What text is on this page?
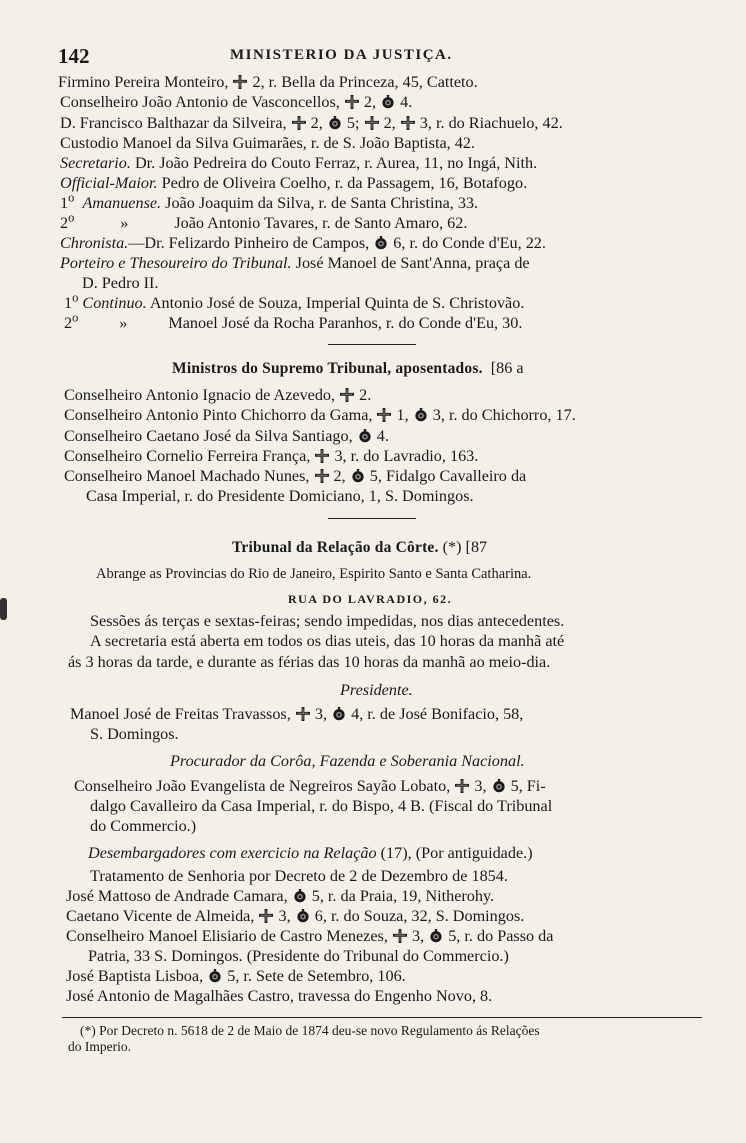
142	MINISTERIO DA JUSTIÇA.
Firmino Pereira Monteiro,
2, r. Bella da Princeza, 45, Catteto.
Conselheiro João Antonio de Vasconcellos,
2,
4.
D. Francisco Balthazar da Silveira,
2,
5;
2,
3, r. do Riachuelo, 42.
Custodio Manoel da Silva Guimarães, r. de S. João Baptista, 42.
Secretario. Dr. João Pedreira do Couto Ferraz, r. Aurea, 11, no Ingá, Nith.
Official-Maior. Pedro de Oliveira Coelho, r. da Passagem, 16, Botafogo.
1$^o$ Amanuense. João Joaquim da Silva, r. de Santa Christina, 33.
2$^o$	»	João Antonio Tavares, r. de Santo Amaro, 62.
Chronista.—Dr. Felizardo Pinheiro de Campos,
6, r. do Conde d'Eu, 22.
Porteiro e Thesoureiro do Tribunal. José Manoel de Sant'Anna, praça de
D. Pedro II.
1$^o$ Continuo. Antonio José de Souza, Imperial Quinta de S. Christovão.
2$^o$	»	Manoel José da Rocha Paranhos, r. do Conde d'Eu, 30.
Ministros do Supremo Tribunal, aposentados. [86 a
Conselheiro Antonio Ignacio de Azevedo,
2.
Conselheiro Antonio Pinto Chichorro da Gama,
1,
3, r. do Chichorro, 17.
Conselheiro Caetano José da Silva Santiago,
4.
Conselheiro Cornelio Ferreira França,
3, r. do Lavradio, 163.
Conselheiro Manoel Machado Nunes,
2,
5, Fidalgo Cavalleiro da
Casa Imperial, r. do Presidente Domiciano, 1, S. Domingos.
Tribunal da Relação da Côrte. (*) [87
Abrange as Provincias do Rio de Janeiro, Espirito Santo e Santa Catharina.
RUA DO LAVRADIO, 62.
Sessões ás terças e sextas-feiras; sendo impedidas, nos dias antecedentes.
A secretaria está aberta em todos os dias uteis, das 10 horas da manhã até
ás 3 horas da tarde, e durante as férias das 10 horas da manhã ao meio-dia.
Presidente.
Manoel José de Freitas Travassos,
3,
4, r. de José Bonifacio, 58,
S. Domingos.
Procurador da Corôa, Fazenda e Soberania Nacional.
Conselheiro João Evangelista de Negreiros Sayão Lobato,
3,
5, Fi-
dalgo Cavalleiro da Casa Imperial, r. do Bispo, 4 B. (Fiscal do Tribunal
do Commercio.)
Desembargadores com exercicio na Relação (17), (Por antiguidade.)
Tratamento de Senhoria por Decreto de 2 de Dezembro de 1854.
José Mattoso de Andrade Camara,
5, r. da Praia, 19, Nitherohy.
Caetano Vicente de Almeida,
3,
6, r. do Souza, 32, S. Domingos.
Conselheiro Manoel Elisiario de Castro Menezes,
3,
5, r. do Passo da
Patria, 33 S. Domingos. (Presidente do Tribunal do Commercio.)
José Baptista Lisboa,
5, r. Sete de Setembro, 106.
José Antonio de Magalhães Castro, travessa do Engenho Novo, 8.
(*) Por Decreto n. 5618 de 2 de Maio de 1874 deu-se novo Regulamento ás Relações
do Imperio.
